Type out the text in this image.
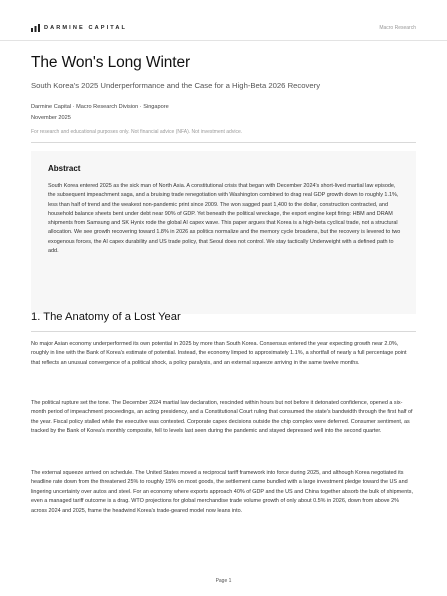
DARMINE CAPITAL	Macro Research
The Won's Long Winter
South Korea's 2025 Underperformance and the Case for a High-Beta 2026 Recovery
Darmine Capital · Macro Research Division · Singapore
November 2025
For research and educational purposes only. Not financial advice (NFA). Not investment advice.
Abstract

South Korea entered 2025 as the sick man of North Asia. A constitutional crisis that began with December 2024's short-lived martial law episode, the subsequent impeachment saga, and a bruising trade renegotiation with Washington combined to drag real GDP growth down to roughly 1.1%, less than half of trend and the weakest non-pandemic print since 2009. The won sagged past 1,400 to the dollar, construction contracted, and household balance sheets bent under debt near 90% of GDP. Yet beneath the political wreckage, the export engine kept firing: HBM and DRAM shipments from Samsung and SK Hynix rode the global AI capex wave. This paper argues that Korea is a high-beta cyclical trade, not a structural allocation. We see growth recovering toward 1.8% in 2026 as politics normalize and the memory cycle broadens, but the recovery is levered to two exogenous forces, the AI capex durability and US trade policy, that Seoul does not control. We stay tactically Underweight with a defined path to add.

1. The Anatomy of a Lost Year

No major Asian economy underperformed its own potential in 2025 by more than South Korea. Consensus entered the year expecting growth near 2.0%, roughly in line with the Bank of Korea's estimate of potential. Instead, the economy limped to approximately 1.1%, a shortfall of nearly a full percentage point that reflects an unusual convergence of a political shock, a policy paralysis, and an external squeeze arriving in the same twelve months.

The political rupture set the tone. The December 2024 martial law declaration, rescinded within hours but not before it detonated confidence, opened a six-month period of impeachment proceedings, an acting presidency, and a Constitutional Court ruling that consumed the state's bandwidth through the first half of the year. Fiscal policy stalled while the executive was contested. Corporate capex decisions outside the chip complex were deferred. Consumer sentiment, as tracked by the Bank of Korea's monthly composite, fell to levels last seen during the pandemic and stayed depressed well into the second quarter.

The external squeeze arrived on schedule. The United States moved a reciprocal tariff framework into force during 2025, and although Korea negotiated its headline rate down from the threatened 25% to roughly 15% on most goods, the settlement came bundled with a large investment pledge toward the US and lingering uncertainty over autos and steel. For an economy where exports approach 40% of GDP and the US and China together absorb the bulk of shipments, even a managed tariff outcome is a drag. WTO projections for global merchandise trade volume growth of only about 0.5% in 2026, down from above 2% across 2024 and 2025, frame the headwind Korea's trade-geared model now leans into.

Page 1
